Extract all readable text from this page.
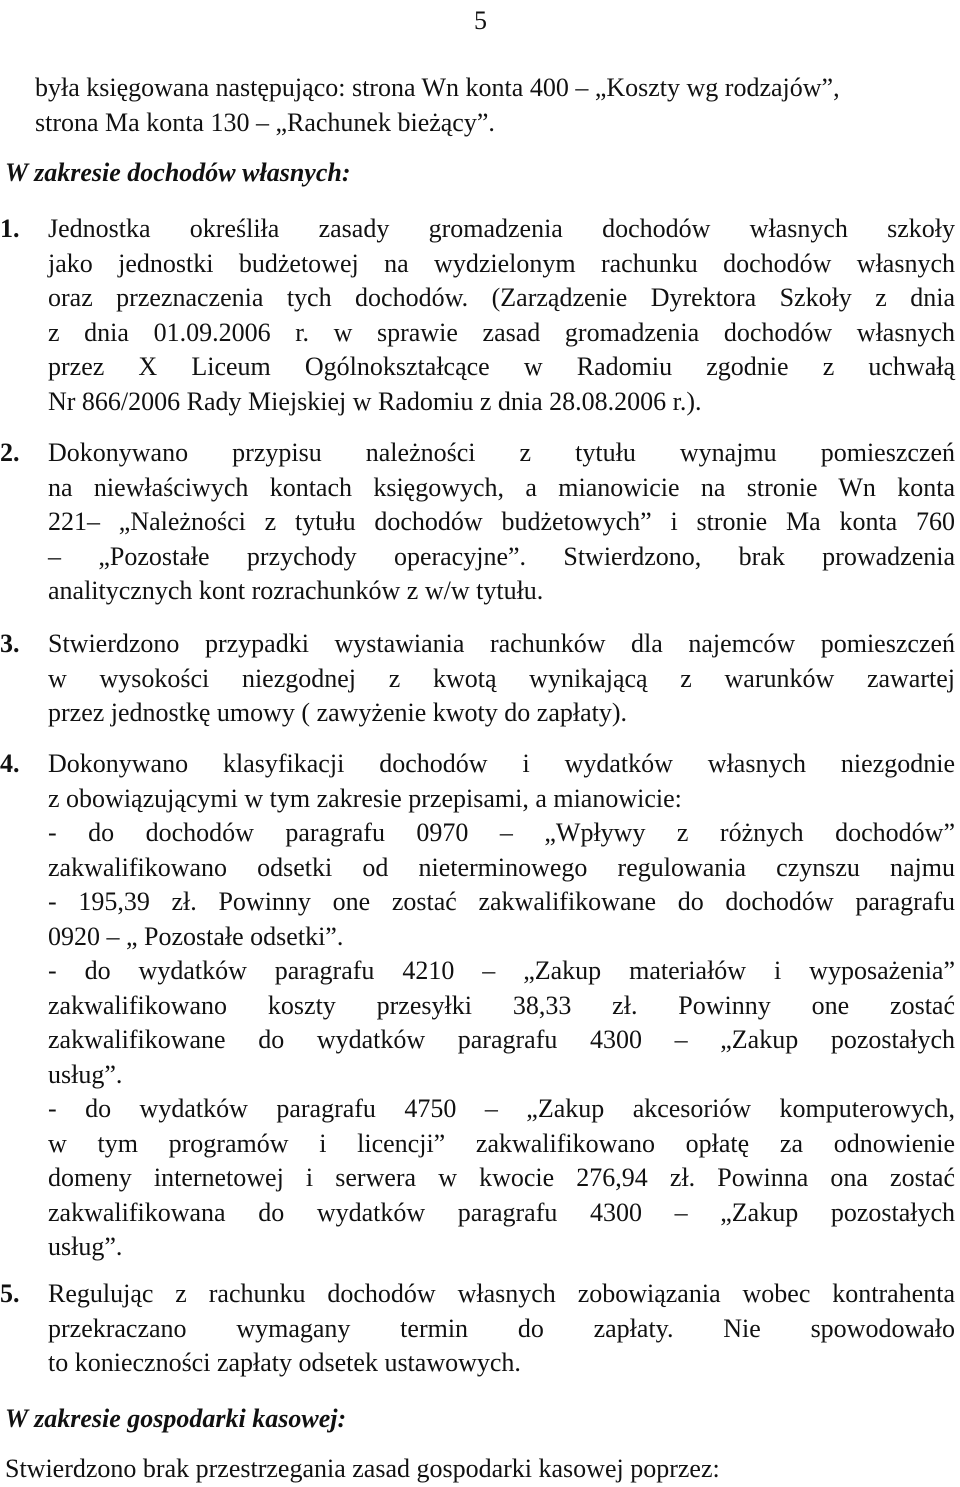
5
była księgowana następująco: strona Wn konta 400 – „Koszty wg rodzajów”,
strona Ma konta 130 – „Rachunek bieżący”.
W zakresie dochodów własnych:
1. Jednostka określiła zasady gromadzenia dochodów własnych szkoły
jako jednostki budżetowej na wydzielonym rachunku dochodów własnych
oraz przeznaczenia tych dochodów. (Zarządzenie Dyrektora Szkoły z dnia
z dnia 01.09.2006 r. w sprawie zasad gromadzenia dochodów własnych
przez X Liceum Ogólnokształcące w Radomiu zgodnie z uchwałą
Nr 866/2006 Rady Miejskiej w Radomiu z dnia 28.08.2006 r.).
2. Dokonywano przypisu należności z tytułu wynajmu pomieszczeń
na niewłaściwych kontach księgowych, a mianowicie na stronie Wn konta
221– „Należności z tytułu dochodów budżetowych” i stronie Ma konta 760
– „Pozostałe przychody operacyjne”. Stwierdzono, brak prowadzenia
analitycznych kont rozrachunków z w/w tytułu.
3. Stwierdzono przypadki wystawiania rachunków dla najemców pomieszczeń
w wysokości niezgodnej z kwotą wynikającą z warunków zawartej
przez jednostkę umowy ( zawyżenie kwoty do zapłaty).
4. Dokonywano klasyfikacji dochodów i wydatków własnych niezgodnie
z obowiązującymi w tym zakresie przepisami, a mianowicie:
- do dochodów paragrafu 0970 – „Wpływy z różnych dochodów”
zakwalifikowano odsetki od nieterminowego regulowania czynszu najmu
- 195,39 zł. Powinny one zostać zakwalifikowane do dochodów paragrafu
0920 – „ Pozostałe odsetki”.
- do wydatków paragrafu 4210 – „Zakup materiałów i wyposażenia”
zakwalifikowano koszty przesyłki 38,33 zł. Powinny one zostać
zakwalifikowane do wydatków paragrafu 4300 – „Zakup pozostałych
usług”.
- do wydatków paragrafu 4750 – „Zakup akcesoriów komputerowych,
w tym programów i licencji” zakwalifikowano opłatę za odnowienie
domeny internetowej i serwera w kwocie 276,94 zł. Powinna ona zostać
zakwalifikowana do wydatków paragrafu 4300 – „Zakup pozostałych
usług”.
5. Regulując z rachunku dochodów własnych zobowiązania wobec kontrahenta
przekraczano wymagany termin do zapłaty. Nie spowodowało
to konieczności zapłaty odsetek ustawowych.
W zakresie gospodarki kasowej:
Stwierdzono brak przestrzegania zasad gospodarki kasowej poprzez:
